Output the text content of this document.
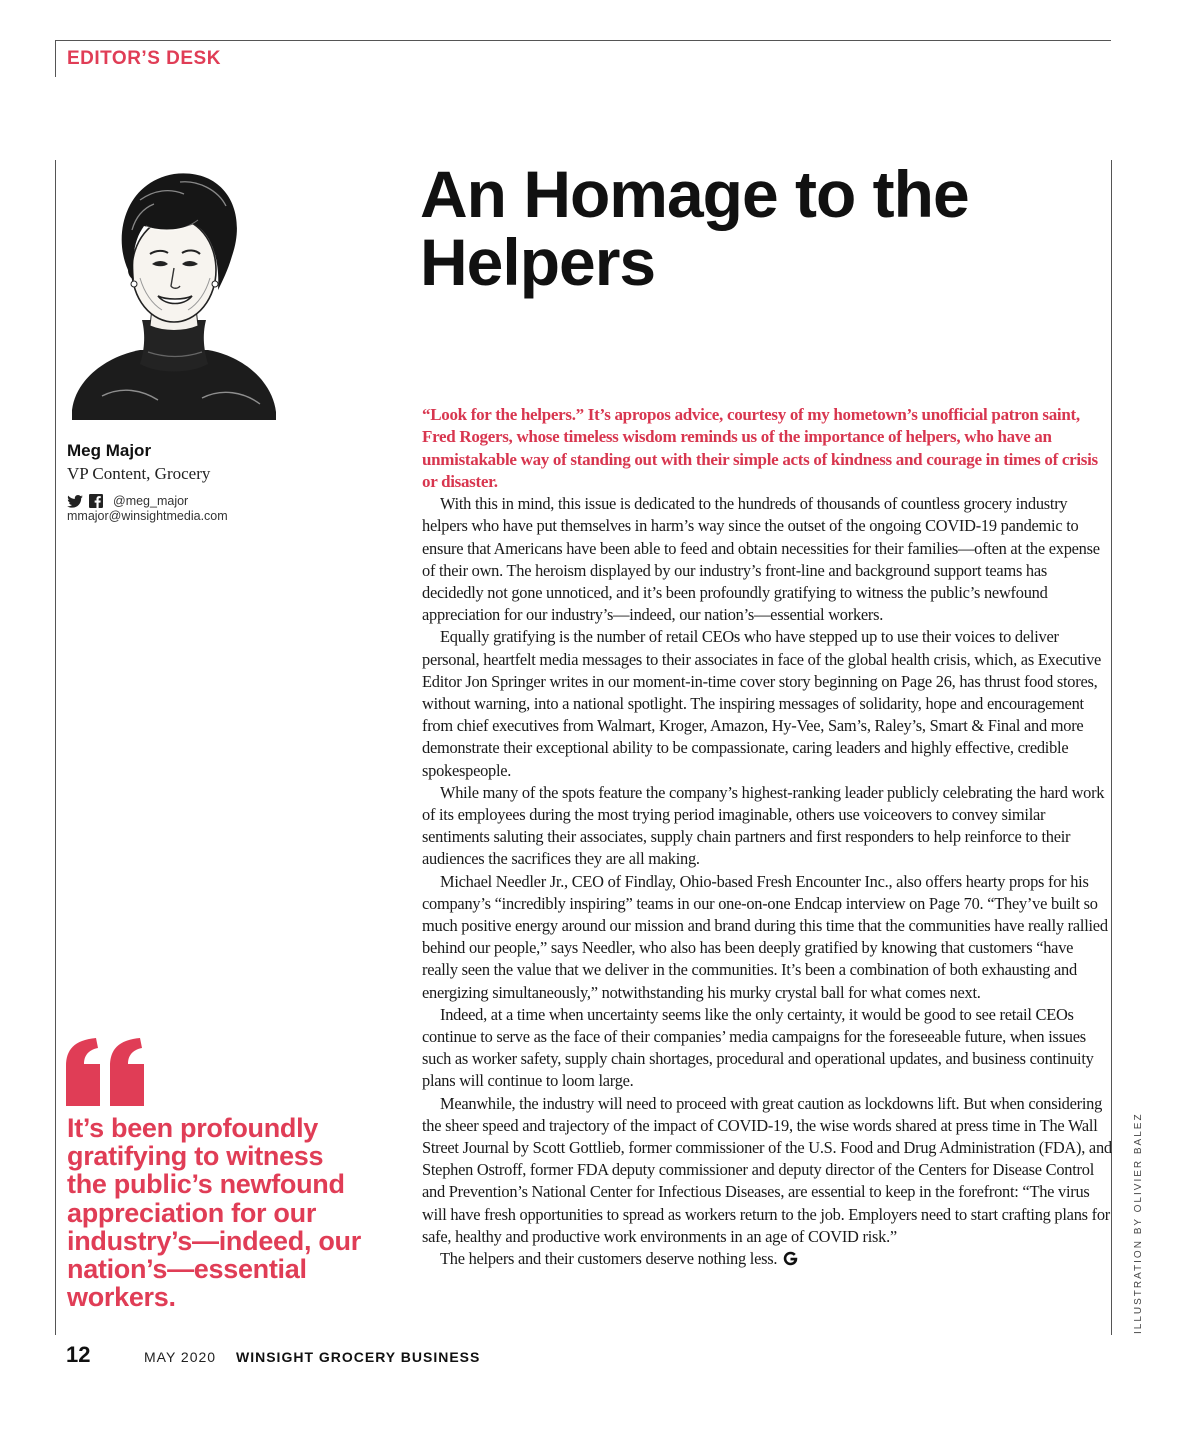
EDITOR’S DESK
Meg Major
VP Content, Grocery
@meg_major
mmajor@winsightmedia.com
It’s been profoundly gratifying to witness the public’s newfound appreciation for our industry’s—indeed, our nation’s—essential workers.
An Homage to the Helpers

“Look for the helpers.” It’s apropos advice, courtesy of my hometown’s unofficial patron saint, Fred Rogers, whose timeless wisdom reminds us of the importance of helpers, who have an unmistakable way of standing out with their simple acts of kindness and courage in times of crisis or disaster.

With this in mind, this issue is dedicated to the hundreds of thousands of countless grocery industry helpers who have put themselves in harm’s way since the outset of the ongoing COVID-19 pandemic to ensure that Americans have been able to feed and obtain necessities for their families—often at the expense of their own. The heroism displayed by our industry’s front-line and background support teams has decidedly not gone unnoticed, and it’s been profoundly gratifying to witness the public’s newfound appreciation for our industry’s—indeed, our nation’s—essential workers.

Equally gratifying is the number of retail CEOs who have stepped up to use their voices to deliver personal, heartfelt media messages to their associates in face of the global health crisis, which, as Executive Editor Jon Springer writes in our moment-in-time cover story beginning on Page 26, has thrust food stores, without warning, into a national spotlight. The inspiring messages of solidarity, hope and encouragement from chief executives from Walmart, Kroger, Amazon, Hy-Vee, Sam’s, Raley’s, Smart & Final and more demonstrate their exceptional ability to be compassionate, caring leaders and highly effective, credible spokespeople.

While many of the spots feature the company’s highest-ranking leader publicly celebrating the hard work of its employees during the most trying period imaginable, others use voiceovers to convey similar sentiments saluting their associates, supply chain partners and first responders to help reinforce to their audiences the sacrifices they are all making.

Michael Needler Jr., CEO of Findlay, Ohio-based Fresh Encounter Inc., also offers hearty props for his company’s “incredibly inspiring” teams in our one-on-one Endcap interview on Page 70. “They’ve built so much positive energy around our mission and brand during this time that the communities have really rallied behind our people,” says Needler, who also has been deeply gratified by knowing that customers “have really seen the value that we deliver in the communities. It’s been a combination of both exhausting and energizing simultaneously,” notwithstanding his murky crystal ball for what comes next.

Indeed, at a time when uncertainty seems like the only certainty, it would be good to see retail CEOs continue to serve as the face of their companies’ media campaigns for the foreseeable future, when issues such as worker safety, supply chain shortages, procedural and operational updates, and business continuity plans will continue to loom large.

Meanwhile, the industry will need to proceed with great caution as lockdowns lift. But when considering the sheer speed and trajectory of the impact of COVID-19, the wise words shared at press time in The Wall Street Journal by Scott Gottlieb, former commissioner of the U.S. Food and Drug Administration (FDA), and Stephen Ostroff, former FDA deputy commissioner and deputy director of the Centers for Disease Control and Prevention’s National Center for Infectious Diseases, are essential to keep in the forefront: “The virus will have fresh opportunities to spread as workers return to the job. Employers need to start crafting plans for safe, healthy and productive work environments in an age of COVID risk.”

The helpers and their customers deserve nothing less.	ILLUSTRATION BY OLIVIER BALEZ
12	MAY 2020 WINSIGHT GROCERY BUSINESS
